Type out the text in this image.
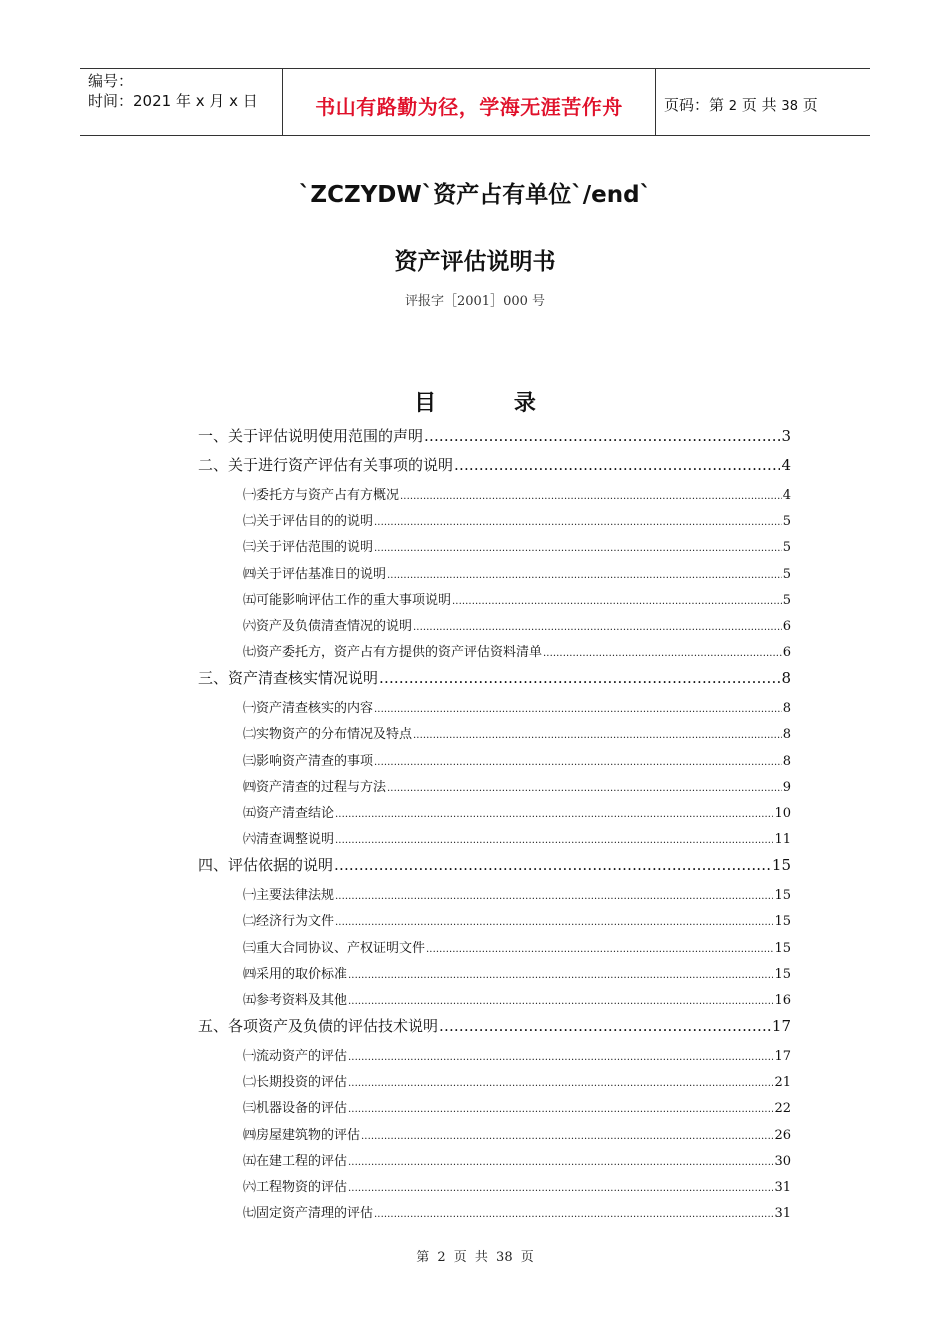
编号：
时间：2021 年 x 月 x 日	书山有路勤为径，学海无涯苦作舟	页码：第 2 页 共 38 页
`ZCZYDW`资产占有单位`/end`
资产评估说明书
评报字［2001］000 号
目 录
一、关于评估说明使用范围的声明 .....	3
二、关于进行资产评估有关事项的说明 .....	4
㈠委托方与资产占有方概况 .....	4
㈡关于评估目的的说明 .....	5
㈢关于评估范围的说明 .....	5
㈣关于评估基准日的说明 .....	5
㈤可能影响评估工作的重大事项说明 .....	5
㈥资产及负债清查情况的说明 .....	6
㈦资产委托方，资产占有方提供的资产评估资料清单 .....	6
三、资产清查核实情况说明 .....	8
㈠资产清查核实的内容 .....	8
㈡实物资产的分布情况及特点 .....	8
㈢影响资产清查的事项 .....	8
㈣资产清查的过程与方法 .....	9
㈤资产清查结论 .....	10
㈥清查调整说明 .....	11
四、评估依据的说明 .....	15
㈠主要法律法规 .....	15
㈡经济行为文件 .....	15
㈢重大合同协议、产权证明文件 .....	15
㈣采用的取价标准 .....	15
㈤参考资料及其他 .....	16
五、各项资产及负债的评估技术说明 .....	17
㈠流动资产的评估 .....	17
㈡长期投资的评估 .....	21
㈢机器设备的评估 .....	22
㈣房屋建筑物的评估 .....	26
㈤在建工程的评估 .....	30
㈥工程物资的评估 .....	31
㈦固定资产清理的评估 .....	31
第 2 页 共 38 页
